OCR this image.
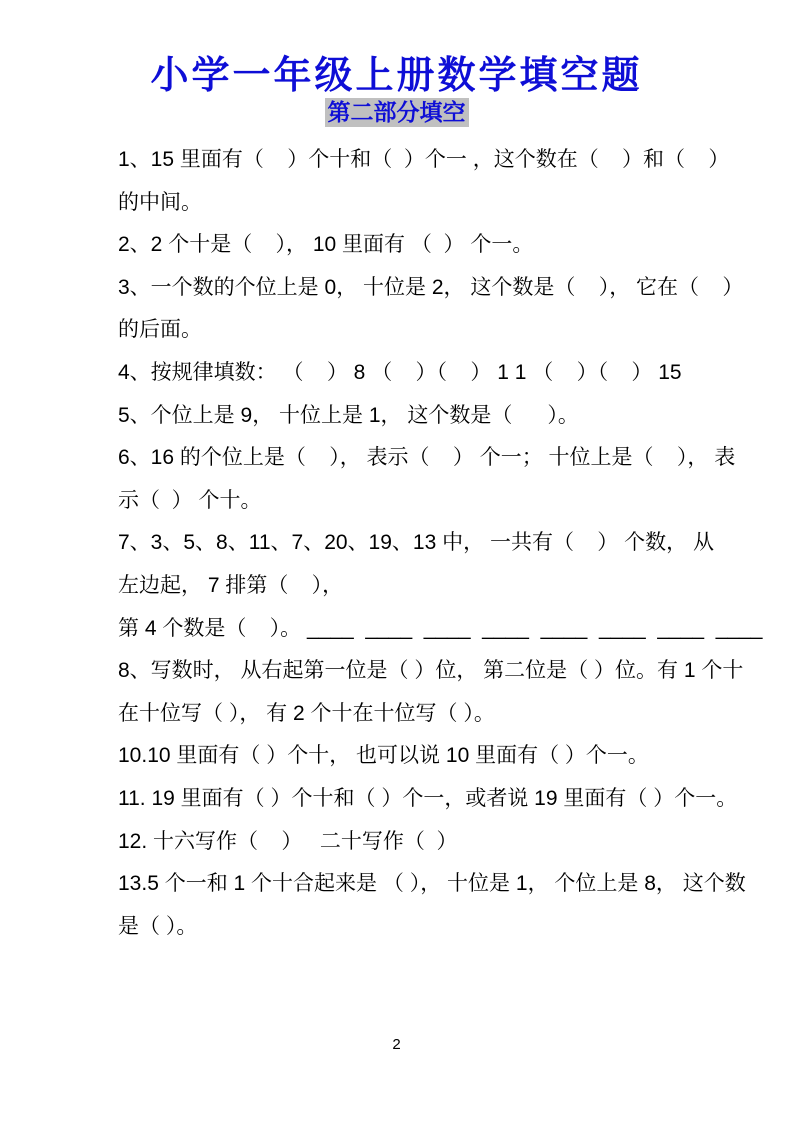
小学一年级上册数学填空题
第二部分填空

1、15 里面有（    ）个十和（  ）个一 ，这个数在（    ）和（    ）

的中间。

2、2 个十是（    ）， 10 里面有 （  ） 个一。

3、一个数的个位上是 0， 十位是 2， 这个数是（    ）， 它在（    ）

的后面。

4、按规律填数： （    ） 8 （    ）（    ） 1 1 （    ）（    ） 15

5、个位上是 9， 十位上是 1， 这个数是（      ）。

6、16 的个位上是（    ）， 表示（    ） 个一； 十位上是（    ）， 表

示（  ） 个十。

7、3、5、8、11、7、20、19、13 中， 一共有（    ） 个数， 从

左边起， 7 排第（    ），

第 4 个数是（    ）。 ____  ____  ____  ____  ____  ____  ____  ____

8、写数时， 从右起第一位是（ ）位， 第二位是（ ）位。有 1 个十

在十位写（ ）， 有 2 个十在十位写（ ）。

10.10 里面有（ ）个十， 也可以说 10 里面有（ ）个一。

11. 19 里面有（ ）个十和（ ）个一，或者说 19 里面有（ ）个一。

12. 十六写作（    ）   二十写作（  ）

13.5 个一和 1 个十合起来是 （ ）， 十位是 1， 个位上是 8， 这个数

是（ ）。

2
